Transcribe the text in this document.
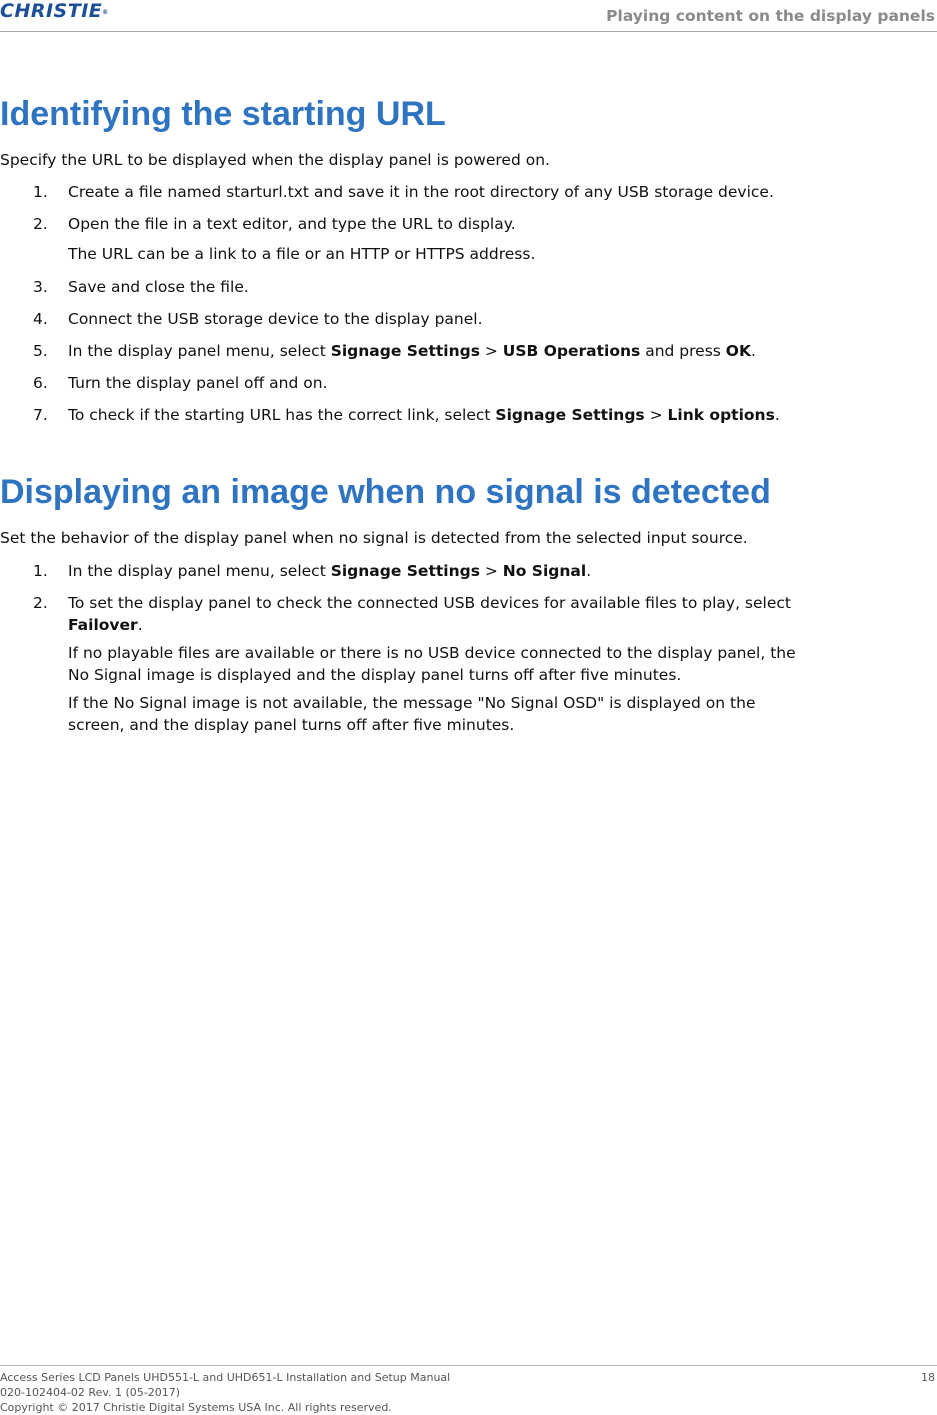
CHRISTIE®	Playing content on the display panels
Identifying the starting URL
Specify the URL to be displayed when the display panel is powered on.
1. Create a file named starturl.txt and save it in the root directory of any USB storage device.
2. Open the file in a text editor, and type the URL to display.
The URL can be a link to a file or an HTTP or HTTPS address.
3. Save and close the file.
4. Connect the USB storage device to the display panel.
5. In the display panel menu, select Signage Settings > USB Operations and press OK.
6. Turn the display panel off and on.
7. To check if the starting URL has the correct link, select Signage Settings > Link options.
Displaying an image when no signal is detected
Set the behavior of the display panel when no signal is detected from the selected input source.
1. In the display panel menu, select Signage Settings > No Signal.
2. To set the display panel to check the connected USB devices for available files to play, select
Failover.
If no playable files are available or there is no USB device connected to the display panel, the
No Signal image is displayed and the display panel turns off after five minutes.
If the No Signal image is not available, the message "No Signal OSD" is displayed on the
screen, and the display panel turns off after five minutes.
Access Series LCD Panels UHD551-L and UHD651-L Installation and Setup Manual
020-102404-02 Rev. 1 (05-2017)
Copyright © 2017 Christie Digital Systems USA Inc. All rights reserved.
18
